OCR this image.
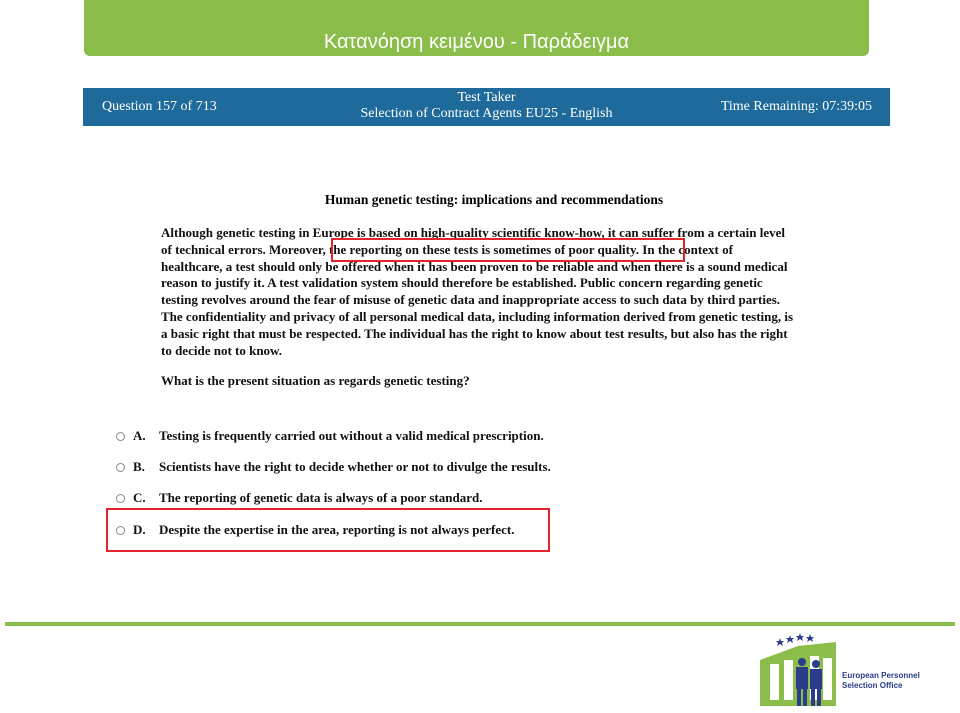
Κατανόηση κειμένου - Παράδειγμα
Question 157 of 713
Test Taker
Selection of Contract Agents EU25 - English	Time Remaining: 07:39:05
Human genetic testing: implications and recommendations
Although genetic testing in Europe is based on high-quality scientific know-how, it can suffer from a certain level
of technical errors. Moreover, the reporting on these tests is sometimes of poor quality. In the context of
healthcare, a test should only be offered when it has been proven to be reliable and when there is a sound medical
reason to justify it. A test validation system should therefore be established. Public concern regarding genetic
testing revolves around the fear of misuse of genetic data and inappropriate access to such data by third parties.
The confidentiality and privacy of all personal medical data, including information derived from genetic testing, is
a basic right that must be respected. The individual has the right to know about test results, but also has the right
to decide not to know.
What is the present situation as regards genetic testing?
A.	Testing is frequently carried out without a valid medical prescription.
B.	Scientists have the right to decide whether or not to divulge the results.
C.	The reporting of genetic data is always of a poor standard.
D.	Despite the expertise in the area, reporting is not always perfect.
European Personnel
Selection Office
